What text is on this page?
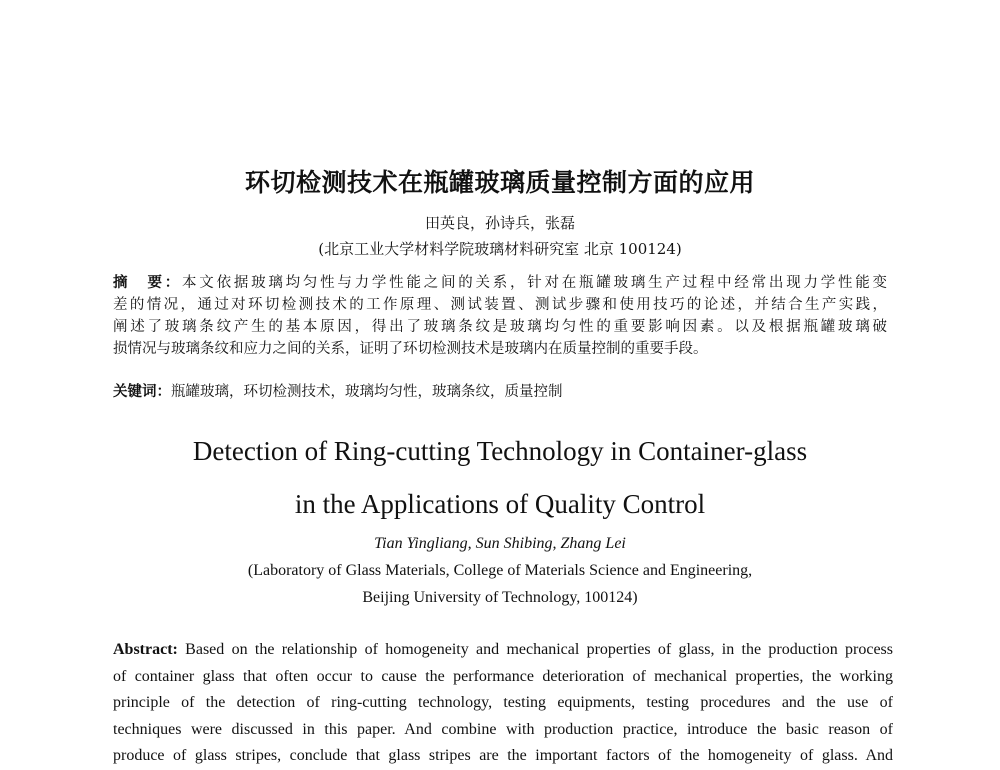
环切检测技术在瓶罐玻璃质量控制方面的应用
田英良，孙诗兵，张磊
(北京工业大学材料学院玻璃材料研究室 北京 100124)
摘　要：本文依据玻璃均匀性与力学性能之间的关系，针对在瓶罐玻璃生产过程中经常出现力学性能变
差的情况，通过对环切检测技术的工作原理、测试装置、测试步骤和使用技巧的论述，并结合生产实践，
阐述了玻璃条纹产生的基本原因，得出了玻璃条纹是玻璃均匀性的重要影响因素。以及根据瓶罐玻璃破
损情况与玻璃条纹和应力之间的关系，证明了环切检测技术是玻璃内在质量控制的重要手段。
关键词：瓶罐玻璃，环切检测技术，玻璃均匀性，玻璃条纹，质量控制
Detection of Ring-cutting Technology in Container-glass
in the Applications of Quality Control
Tian Yingliang, Sun Shibing, Zhang Lei
(Laboratory of Glass Materials, College of Materials Science and Engineering,
Beijing University of Technology, 100124)
Abstract: Based on the relationship of homogeneity and mechanical properties of glass, in the production process
of container glass that often occur to cause the performance deterioration of mechanical properties, the working
principle of the detection of ring-cutting technology, testing equipments, testing procedures and the use of
techniques were discussed in this paper. And combine with production practice, introduce the basic reason of
produce of glass stripes, conclude that glass stripes are the important factors of the homogeneity of glass. And
